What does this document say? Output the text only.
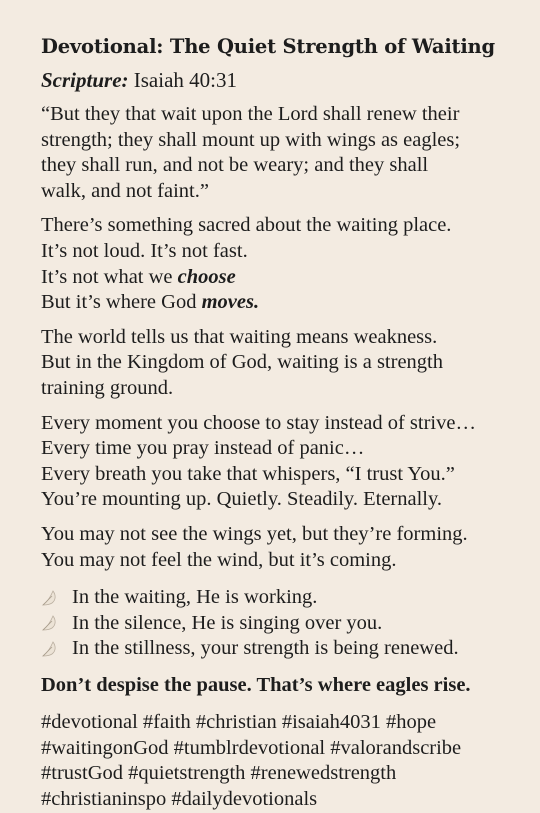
Devotional: The Quiet Strength of Waiting
Scripture: Isaiah 40:31

“But they that wait upon the Lord shall renew their
strength; they shall mount up with wings as eagles;
they shall run, and not be weary; and they shall
walk, and not faint.”

There’s something sacred about the waiting place.
It’s not loud. It’s not fast.
It’s not what we choose
But it’s where God moves.

The world tells us that waiting means weakness.
But in the Kingdom of God, waiting is a strength
training ground.

Every moment you choose to stay instead of strive…
Every time you pray instead of panic…
Every breath you take that whispers, “I trust You.”
You’re mounting up. Quietly. Steadily. Eternally.

You may not see the wings yet, but they’re forming.
You may not feel the wind, but it’s coming.

In the waiting, He is working.
In the silence, He is singing over you.
In the stillness, your strength is being renewed.

Don’t despise the pause. That’s where eagles rise.

#devotional #faith #christian #isaiah4031 #hope
#waitingonGod #tumblrdevotional #valorandscribe
#trustGod #quietstrength #renewedstrength
#christianinspo #dailydevotionals
